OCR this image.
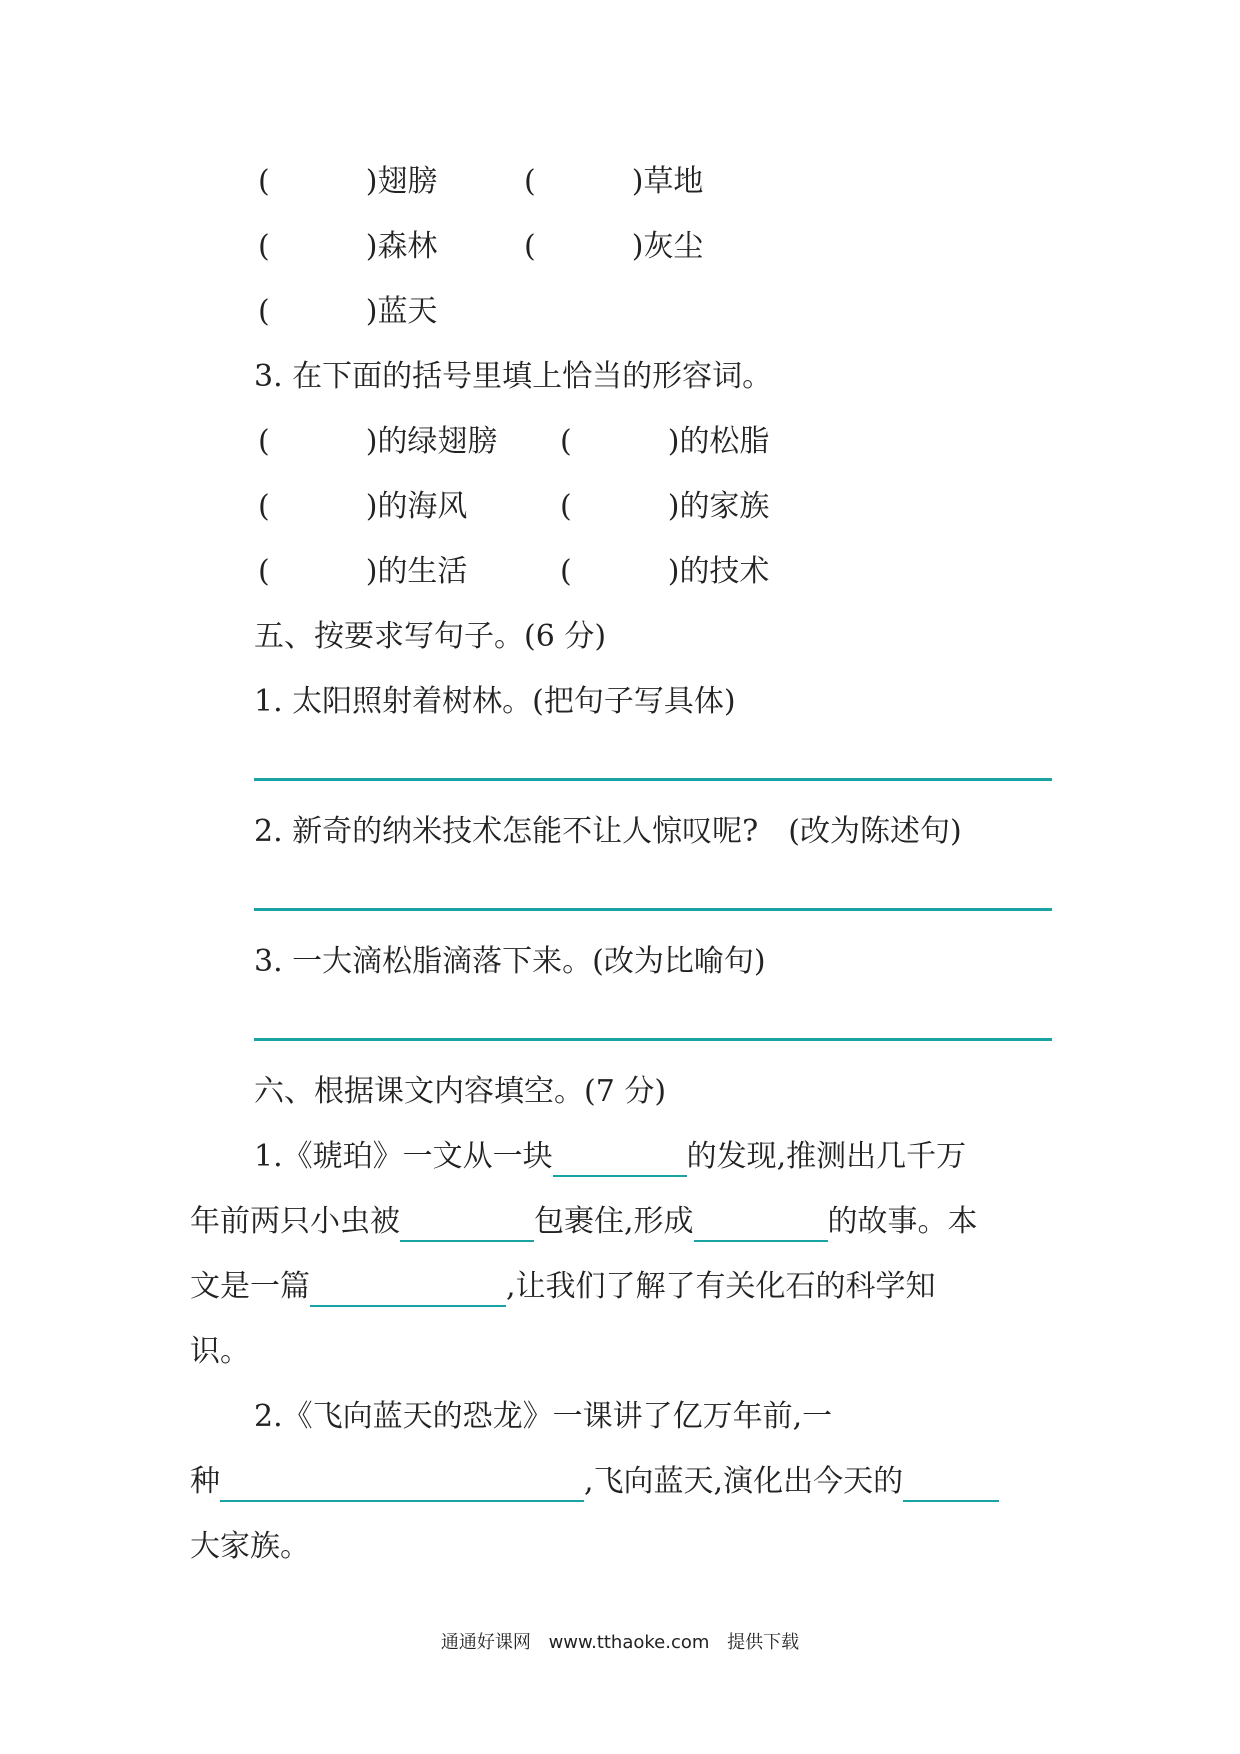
(	)翅膀	(	)草地
(	)森林	(	)灰尘
(	)蓝天
3. 在下面的括号里填上恰当的形容词。
(	)的绿翅膀 (	)的松脂
(	)的海风	(	)的家族
(	)的生活	(	)的技术
五、按要求写句子。(6 分)
1. 太阳照射着树林。(把句子写具体)
2. 新奇的纳米技术怎能不让人惊叹呢?　(改为陈述句)
3. 一大滴松脂滴落下来。(改为比喻句)
六、根据课文内容填空。(7 分)
1.《琥珀》一文从一块	的发现,推测出几千万
年前两只小虫被	包裹住,形成	的故事。本
文是一篇	,让我们了解了有关化石的科学知
识。
2.《飞向蓝天的恐龙》一课讲了亿万年前,一
种	,飞向蓝天,演化出今天的
大家族。
通通好课网 www.tthaoke.com 提供下载
